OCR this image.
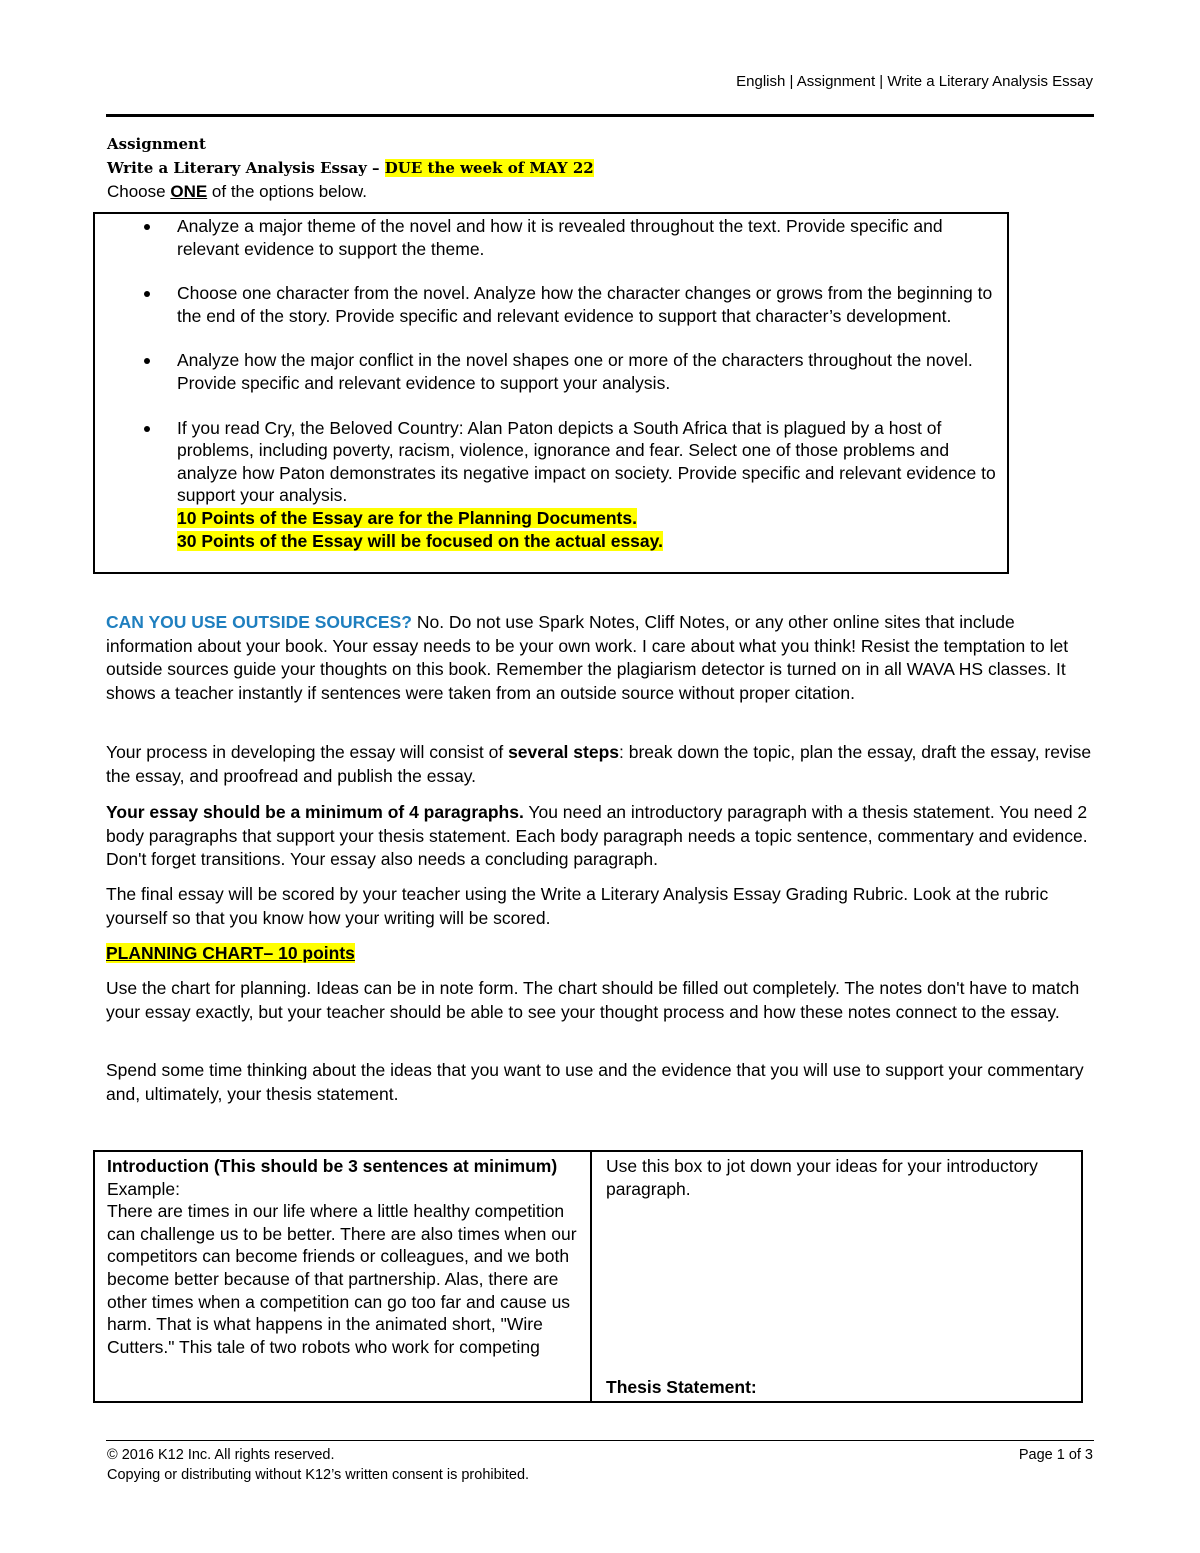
English | Assignment | Write a Literary Analysis Essay
Assignment
Write a Literary Analysis Essay – DUE the week of MAY 22
Choose ONE of the options below.
Analyze a major theme of the novel and how it is revealed throughout the text. Provide specific and relevant evidence to support the theme.
Choose one character from the novel. Analyze how the character changes or grows from the beginning to the end of the story. Provide specific and relevant evidence to support that character’s development.
Analyze how the major conflict in the novel shapes one or more of the characters throughout the novel. Provide specific and relevant evidence to support your analysis.
If you read Cry, the Beloved Country: Alan Paton depicts a South Africa that is plagued by a host of problems, including poverty, racism, violence, ignorance and fear. Select one of those problems and analyze how Paton demonstrates its negative impact on society. Provide specific and relevant evidence to support your analysis.
10 Points of the Essay are for the Planning Documents.
30 Points of the Essay will be focused on the actual essay.

CAN YOU USE OUTSIDE SOURCES? No. Do not use Spark Notes, Cliff Notes, or any other online sites that include information about your book. Your essay needs to be your own work. I care about what you think! Resist the temptation to let outside sources guide your thoughts on this book. Remember the plagiarism detector is turned on in all WAVA HS classes. It shows a teacher instantly if sentences were taken from an outside source without proper citation.

Your process in developing the essay will consist of several steps: break down the topic, plan the essay, draft the essay, revise the essay, and proofread and publish the essay.

Your essay should be a minimum of 4 paragraphs. You need an introductory paragraph with a thesis statement. You need 2 body paragraphs that support your thesis statement. Each body paragraph needs a topic sentence, commentary and evidence. Don't forget transitions. Your essay also needs a concluding paragraph.

The final essay will be scored by your teacher using the Write a Literary Analysis Essay Grading Rubric. Look at the rubric yourself so that you know how your writing will be scored.

PLANNING CHART– 10 points

Use the chart for planning. Ideas can be in note form. The chart should be filled out completely. The notes don't have to match your essay exactly, but your teacher should be able to see your thought process and how these notes connect to the essay.

Spend some time thinking about the ideas that you want to use and the evidence that you will use to support your commentary and, ultimately, your thesis statement.

Introduction (This should be 3 sentences at minimum)
Example:
There are times in our life where a little healthy competition can challenge us to be better. There are also times when our competitors can become friends or colleagues, and we both become better because of that partnership. Alas, there are other times when a competition can go too far and cause us harm. That is what happens in the animated short, "Wire Cutters." This tale of two robots who work for competing
Use this box to jot down your ideas for your introductory paragraph.
Thesis Statement:
© 2016 K12 Inc. All rights reserved.
Copying or distributing without K12’s written consent is prohibited.
Page 1 of 3
